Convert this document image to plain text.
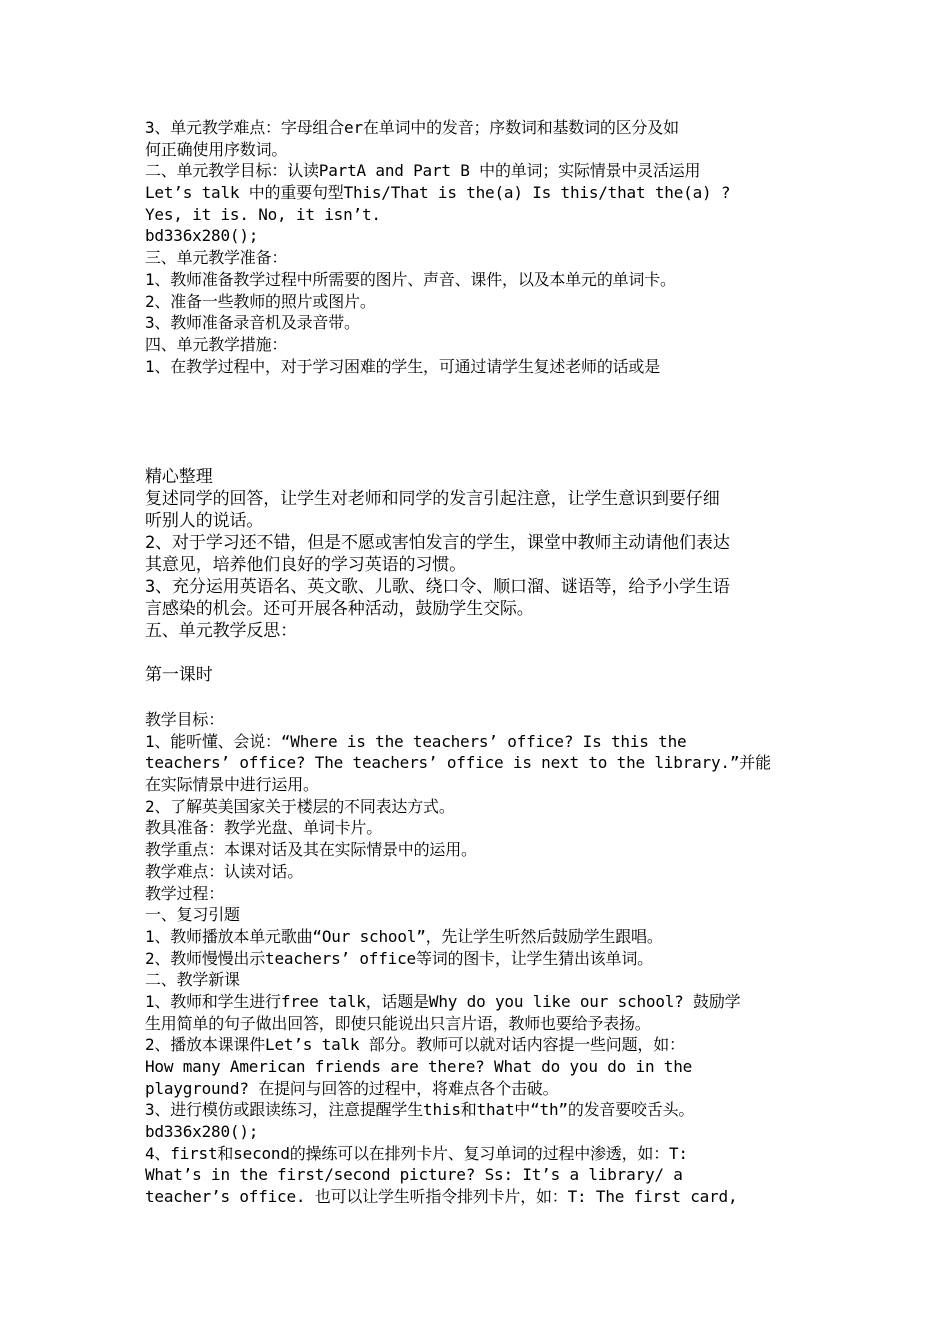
3、单元教学难点：字母组合er在单词中的发音；序数词和基数词的区分及如
何正确使用序数词。
二、单元教学目标：认读PartA and Part B 中的单词；实际情景中灵活运用
Let’s talk 中的重要句型This/That is the(a) Is this/that the(a) ?
Yes, it is. No, it isn’t.
bd336x280();
三、单元教学准备：
1、教师准备教学过程中所需要的图片、声音、课件，以及本单元的单词卡。
2、准备一些教师的照片或图片。
3、教师准备录音机及录音带。
四、单元教学措施：
1、在教学过程中，对于学习困难的学生，可通过请学生复述老师的话或是
精心整理
复述同学的回答，让学生对老师和同学的发言引起注意，让学生意识到要仔细
听别人的说话。
2、对于学习还不错，但是不愿或害怕发言的学生，课堂中教师主动请他们表达
其意见，培养他们良好的学习英语的习惯。
3、充分运用英语名、英文歌、儿歌、绕口令、顺口溜、谜语等，给予小学生语
言感染的机会。还可开展各种活动，鼓励学生交际。
五、单元教学反思：
第一课时
教学目标：
1、能听懂、会说：“Where is the teachers’ office? Is this the
teachers’ office? The teachers’ office is next to the library.”并能
在实际情景中进行运用。
2、了解英美国家关于楼层的不同表达方式。
教具准备：教学光盘、单词卡片。
教学重点：本课对话及其在实际情景中的运用。
教学难点：认读对话。
教学过程：
一、复习引题
1、教师播放本单元歌曲“Our school”，先让学生听然后鼓励学生跟唱。
2、教师慢慢出示teachers’ office等词的图卡，让学生猜出该单词。
二、教学新课
1、教师和学生进行free talk，话题是Why do you like our school? 鼓励学
生用简单的句子做出回答，即使只能说出只言片语，教师也要给予表扬。
2、播放本课课件Let’s talk 部分。教师可以就对话内容提一些问题，如：
How many American friends are there? What do you do in the
playground? 在提问与回答的过程中，将难点各个击破。
3、进行模仿或跟读练习，注意提醒学生this和that中“th”的发音要咬舌头。
bd336x280();
4、first和second的操练可以在排列卡片、复习单词的过程中渗透，如：T:
What’s in the first/second picture? Ss: It’s a library/ a
teacher’s office. 也可以让学生听指令排列卡片，如：T: The first card,
